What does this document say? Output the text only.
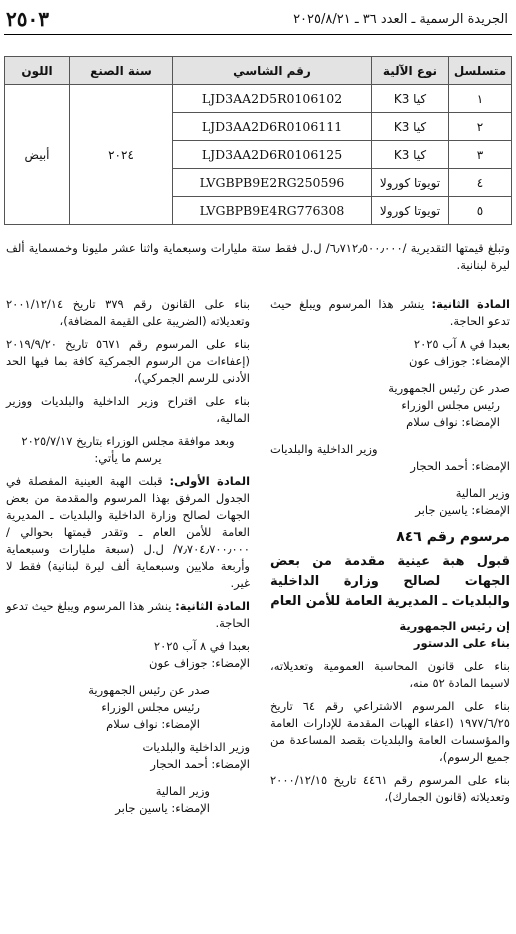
٢٥٠٣	الجريدة الرسمية ـ العدد ٣٦ ـ ٢٠٢٥/٨/٢١
متسلسل	نوع الآلية	رقم الشاسي	سنة الصنع	اللون
١	كيا K3	LJD3AA2D5R0106102	٢٠٢٤	أبيض
٢	كيا K3	LJD3AA2D6R0106111		
٣	كيا K3	LJD3AA2D6R0106125		
٤	تويوتا كورولا	LVGBPB9E2RG250596		
٥	تويوتا كورولا	LVGBPB9E4RG776308		
وتبلغ قيمتها التقديرية /٦٫٧١٢٫٥٠٠٫٠٠٠/ ل.ل فقط ستة مليارات وسبعماية واثنا عشر مليونا وخمسماية ألف ليرة لبنانية.

المادة الثانية: ينشر هذا المرسوم ويبلغ حيث تدعو الحاجة.

بعبدا في ٨ آب ٢٠٢٥

الإمضاء: جوزاف عون

صدر عن رئيس الجمهورية

رئيس مجلس الوزراء

الإمضاء: نواف سلام

وزير الداخلية والبلديات

الإمضاء: أحمد الحجار

وزير المالية

الإمضاء: ياسين جابر

مرسوم رقم ٨٤٦

قبول هبة عينية مقدمة من بعض الجهات لصالح وزارة الداخلية والبلديات ـ المديرية العامة للأمن العام

إن رئيس الجمهورية

بناء على الدستور

بناء على قانون المحاسبة العمومية وتعديلاته، لاسيما المادة ٥٢ منه،

بناء على المرسوم الاشتراعي رقم ٦٤ تاريخ ١٩٧٧/٦/٢٥ (اعفاء الهبات المقدمة للإدارات العامة والمؤسسات العامة والبلديات بقصد المساعدة من جميع الرسوم)،

بناء على المرسوم رقم ٤٤٦١ تاريخ ٢٠٠٠/١٢/١٥ وتعديلاته (قانون الجمارك)،

بناء على القانون رقم ٣٧٩ تاريخ ٢٠٠١/١٢/١٤ وتعديلاته (الضريبة على القيمة المضافة)،

بناء على المرسوم رقم ٥٦٧١ تاريخ ٢٠١٩/٩/٢٠ (إعفاءات من الرسوم الجمركية كافة بما فيها الحد الأدنى للرسم الجمركي)،

بناء على اقتراح وزير الداخلية والبلديات ووزير المالية،

وبعد موافقة مجلس الوزراء بتاريخ ٢٠٢٥/٧/١٧

يرسم ما يأتي:

المادة الأولى: قبلت الهبة العينية المفصلة في الجدول المرفق بهذا المرسوم والمقدمة من بعض الجهات لصالح وزارة الداخلية والبلديات ـ المديرية العامة للأمن العام ـ وتقدر قيمتها بحوالي /٧٫٧٠٤٫٧٠٠٫٠٠٠/ ل.ل (سبعة مليارات وسبعماية وأربعة ملايين وسبعماية ألف ليرة لبنانية) فقط لا غير.

المادة الثانية: ينشر هذا المرسوم ويبلغ حيث تدعو الحاجة.

بعبدا في ٨ آب ٢٠٢٥

الإمضاء: جوزاف عون

صدر عن رئيس الجمهورية

رئيس مجلس الوزراء

الإمضاء: نواف سلام

وزير الداخلية والبلديات

الإمضاء: أحمد الحجار

وزير المالية

الإمضاء: ياسين جابر
